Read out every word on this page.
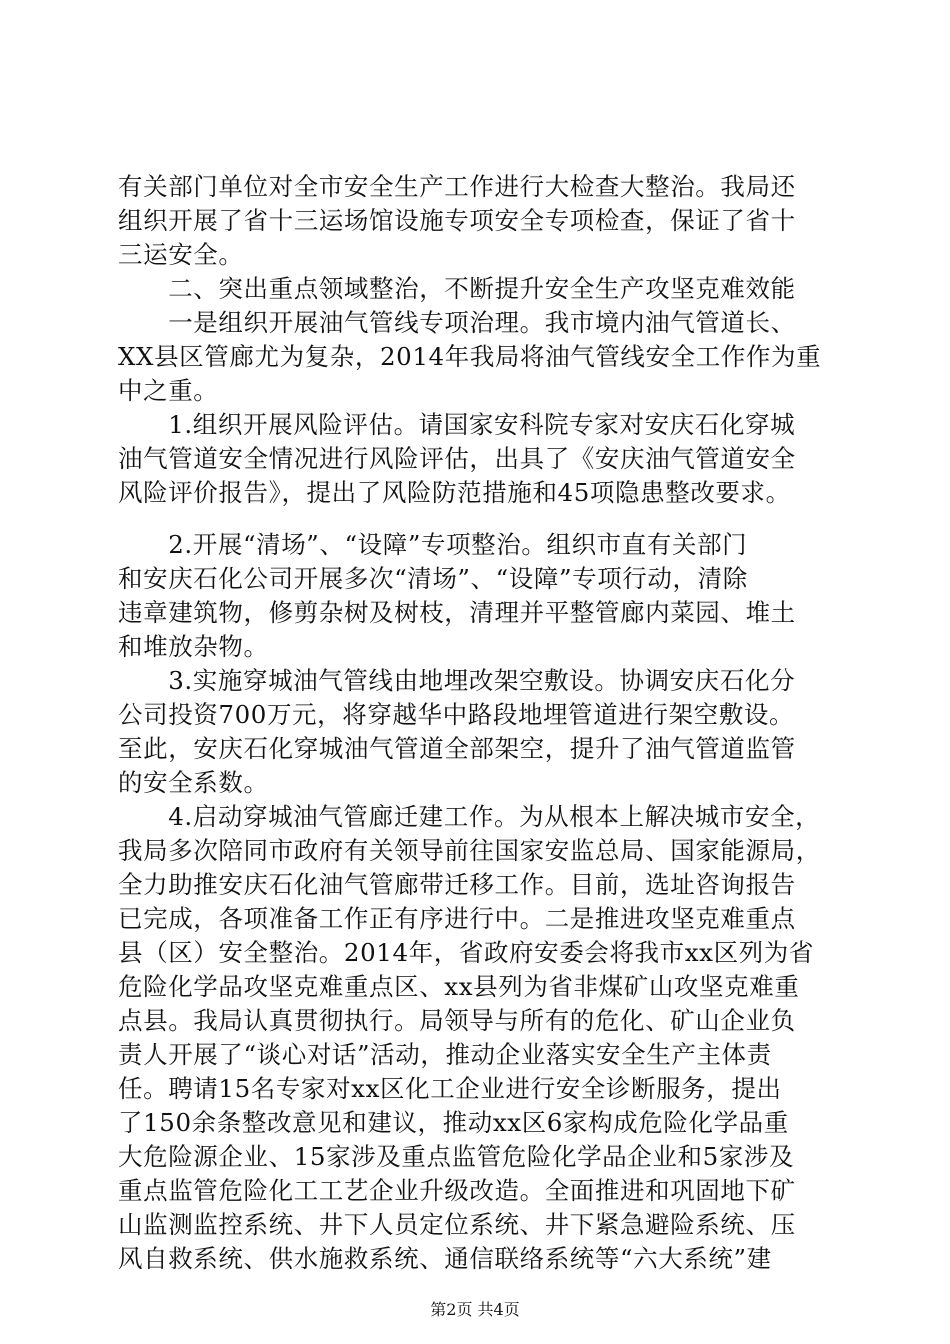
有关部门单位对全市安全生产工作进行大检查大整治。我局还
组织开展了省十三运场馆设施专项安全专项检查，保证了省十
三运安全。
　　二、突出重点领域整治，不断提升安全生产攻坚克难效能
　　一是组织开展油气管线专项治理。我市境内油气管道长、
XX县区管廊尤为复杂，2014年我局将油气管线安全工作作为重
中之重。
　　1.组织开展风险评估。请国家安科院专家对安庆石化穿城
油气管道安全情况进行风险评估，出具了《安庆油气管道安全
风险评价报告》，提出了风险防范措施和45项隐患整改要求。
　　2.开展“清场”、“设障”专项整治。组织市直有关部门
和安庆石化公司开展多次“清场”、“设障”专项行动，清除
违章建筑物，修剪杂树及树枝，清理并平整管廊内菜园、堆土
和堆放杂物。
　　3.实施穿城油气管线由地埋改架空敷设。协调安庆石化分
公司投资700万元，将穿越华中路段地埋管道进行架空敷设。
至此，安庆石化穿城油气管道全部架空，提升了油气管道监管
的安全系数。
　　4.启动穿城油气管廊迁建工作。为从根本上解决城市安全，
我局多次陪同市政府有关领导前往国家安监总局、国家能源局，
全力助推安庆石化油气管廊带迁移工作。目前，选址咨询报告
已完成，各项准备工作正有序进行中。二是推进攻坚克难重点
县（区）安全整治。2014年，省政府安委会将我市xx区列为省
危险化学品攻坚克难重点区、xx县列为省非煤矿山攻坚克难重
点县。我局认真贯彻执行。局领导与所有的危化、矿山企业负
责人开展了“谈心对话”活动，推动企业落实安全生产主体责
任。聘请15名专家对xx区化工企业进行安全诊断服务，提出
了150余条整改意见和建议，推动xx区6家构成危险化学品重
大危险源企业、15家涉及重点监管危险化学品企业和5家涉及
重点监管危险化工工艺企业升级改造。全面推进和巩固地下矿
山监测监控系统、井下人员定位系统、井下紧急避险系统、压
风自救系统、供水施救系统、通信联络系统等“六大系统”建
第2页 共4页
